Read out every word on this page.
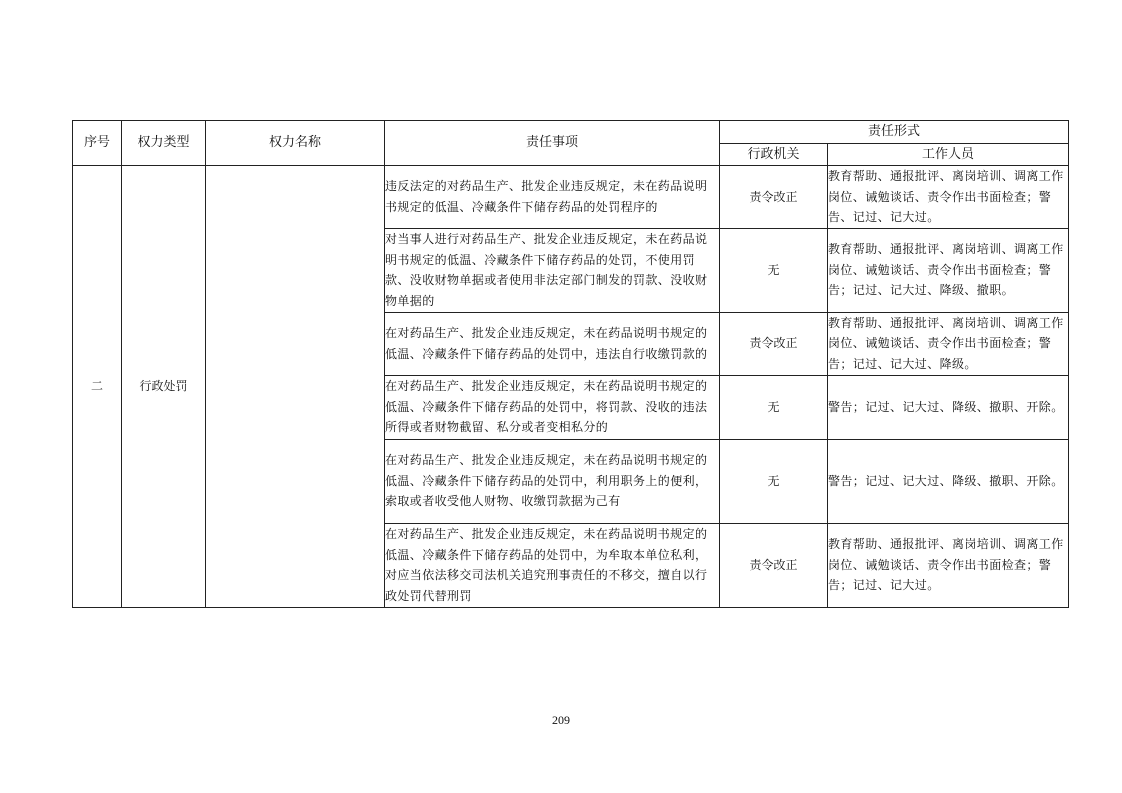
序号	权力类型	权力名称	责任事项	责任形式	
				行政机关	工作人员
二	行政处罚		违反法定的对药品生产、批发企业违反规定，未在药品说明书规定的低温、冷藏条件下储存药品的处罚程序的	责令改正	教育帮助、通报批评、离岗培训、调离工作岗位、诫勉谈话、责令作出书面检查；警告、记过、记大过。
			对当事人进行对药品生产、批发企业违反规定，未在药品说明书规定的低温、冷藏条件下储存药品的处罚，不使用罚款、没收财物单据或者使用非法定部门制发的罚款、没收财物单据的	无	教育帮助、通报批评、离岗培训、调离工作岗位、诫勉谈话、责令作出书面检查；警告；记过、记大过、降级、撤职。
			在对药品生产、批发企业违反规定，未在药品说明书规定的低温、冷藏条件下储存药品的处罚中，违法自行收缴罚款的	责令改正	教育帮助、通报批评、离岗培训、调离工作岗位、诫勉谈话、责令作出书面检查；警告；记过、记大过、降级。
			在对药品生产、批发企业违反规定，未在药品说明书规定的低温、冷藏条件下储存药品的处罚中，将罚款、没收的违法所得或者财物截留、私分或者变相私分的	无	警告；记过、记大过、降级、撤职、开除。
			在对药品生产、批发企业违反规定，未在药品说明书规定的低温、冷藏条件下储存药品的处罚中，利用职务上的便利，索取或者收受他人财物、收缴罚款据为己有	无	警告；记过、记大过、降级、撤职、开除。
			在对药品生产、批发企业违反规定，未在药品说明书规定的低温、冷藏条件下储存药品的处罚中，为牟取本单位私利，对应当依法移交司法机关追究刑事责任的不移交，擅自以行政处罚代替刑罚	责令改正	教育帮助、通报批评、离岗培训、调离工作岗位、诫勉谈话、责令作出书面检查；警告；记过、记大过。
209
